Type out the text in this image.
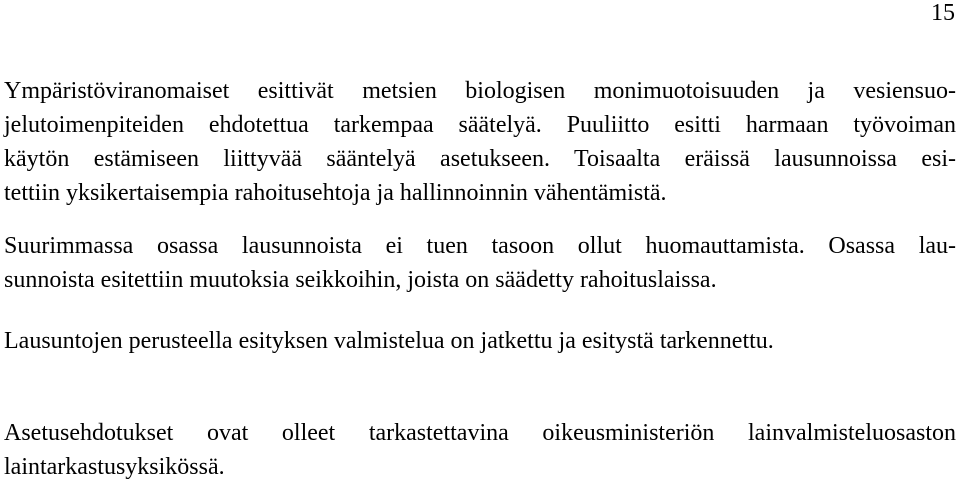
15
Ympäristöviranomaiset esittivät metsien biologisen monimuotoisuuden ja vesiensuo-
jelutoimenpiteiden ehdotettua tarkempaa säätelyä. Puuliitto esitti harmaan työvoiman
käytön estämiseen liittyvää sääntelyä asetukseen. Toisaalta eräissä lausunnoissa esi-
tettiin yksikertaisempia rahoitusehtoja ja hallinnoinnin vähentämistä.
Suurimmassa osassa lausunnoista ei tuen tasoon ollut huomauttamista. Osassa lau-
sunnoista esitettiin muutoksia seikkoihin, joista on säädetty rahoituslaissa.
Lausuntojen perusteella esityksen valmistelua on jatkettu ja esitystä tarkennettu.
Asetusehdotukset ovat olleet tarkastettavina oikeusministeriön lainvalmisteluosaston
laintarkastusyksikössä.
